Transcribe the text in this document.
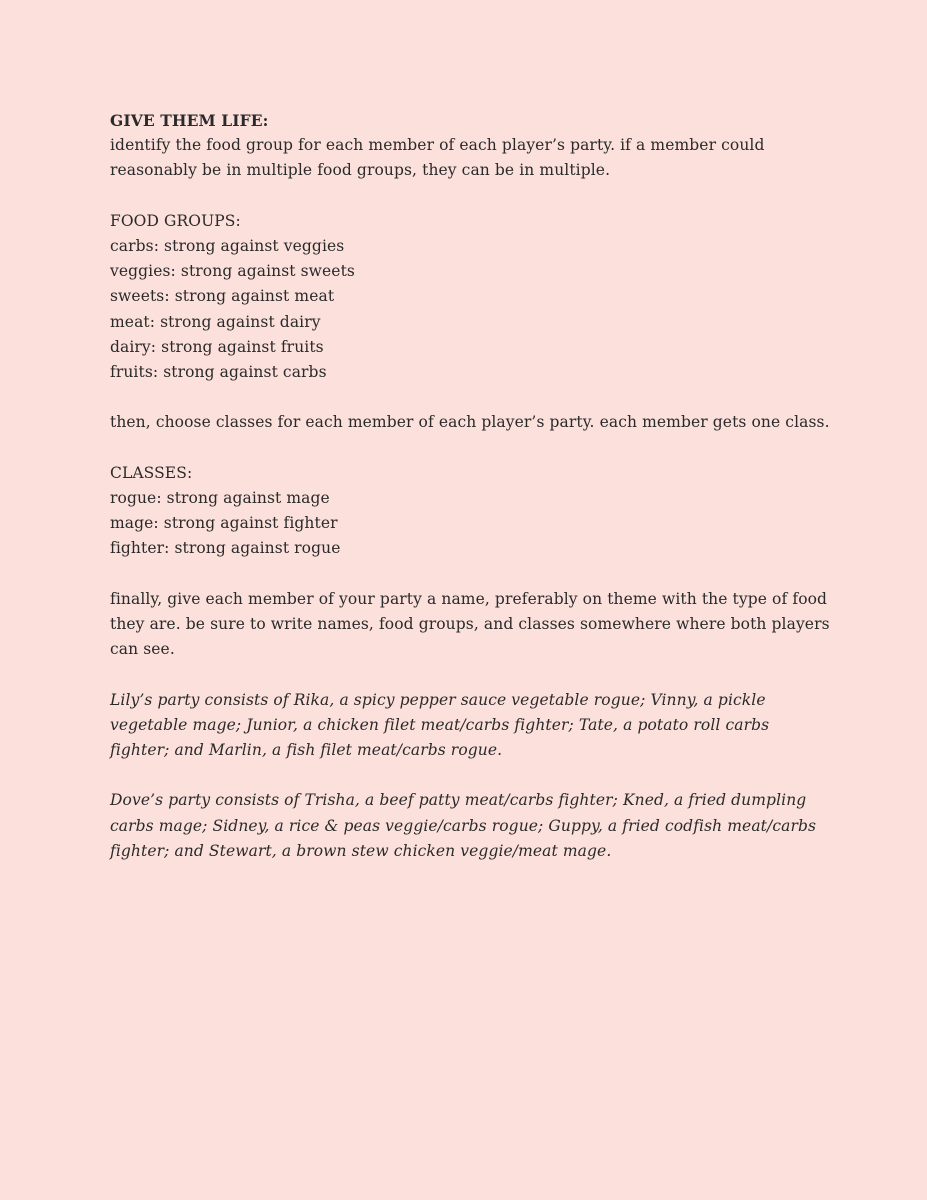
GIVE THEM LIFE:

identify the food group for each member of each player’s party. if a member could reasonably be in multiple food groups, they can be in multiple.

FOOD GROUPS:

carbs: strong against veggies
veggies: strong against sweets
sweets: strong against meat
meat: strong against dairy
dairy: strong against fruits
fruits: strong against carbs

then, choose classes for each member of each player’s party. each member gets one class.

CLASSES:

rogue: strong against mage
mage: strong against fighter
fighter: strong against rogue

finally, give each member of your party a name, preferably on theme with the type of food they are. be sure to write names, food groups, and classes somewhere where both players can see.

Lily’s party consists of Rika, a spicy pepper sauce vegetable rogue; Vinny, a pickle vegetable mage; Junior, a chicken filet meat/carbs fighter; Tate, a potato roll carbs fighter; and Marlin, a fish filet meat/carbs rogue.

Dove’s party consists of Trisha, a beef patty meat/carbs fighter; Kned, a fried dumpling carbs mage; Sidney, a rice & peas veggie/carbs rogue; Guppy, a fried codfish meat/carbs fighter; and Stewart, a brown stew chicken veggie/meat mage.
